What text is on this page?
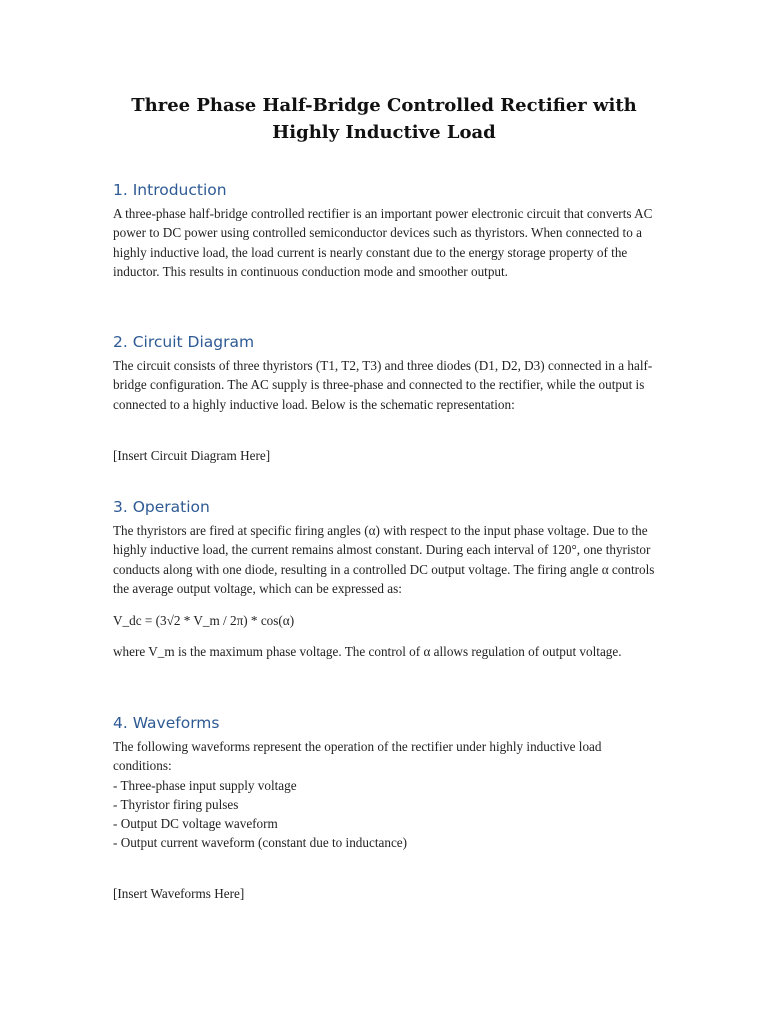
Three Phase Half-Bridge Controlled Rectifier with Highly Inductive Load
1. Introduction

A three-phase half-bridge controlled rectifier is an important power electronic circuit that converts AC power to DC power using controlled semiconductor devices such as thyristors. When connected to a highly inductive load, the load current is nearly constant due to the energy storage property of the inductor. This results in continuous conduction mode and smoother output.

2. Circuit Diagram

The circuit consists of three thyristors (T1, T2, T3) and three diodes (D1, D2, D3) connected in a half-bridge configuration. The AC supply is three-phase and connected to the rectifier, while the output is connected to a highly inductive load. Below is the schematic representation:

[Insert Circuit Diagram Here]

3. Operation

The thyristors are fired at specific firing angles (α) with respect to the input phase voltage. Due to the highly inductive load, the current remains almost constant. During each interval of 120°, one thyristor conducts along with one diode, resulting in a controlled DC output voltage. The firing angle α controls the average output voltage, which can be expressed as:

V_dc = (3√2 * V_m / 2π) * cos(α)

where V_m is the maximum phase voltage. The control of α allows regulation of output voltage.

4. Waveforms
The following waveforms represent the operation of the rectifier under highly inductive load conditions:
- Three-phase input supply voltage
- Thyristor firing pulses
- Output DC voltage waveform
- Output current waveform (constant due to inductance)

[Insert Waveforms Here]
